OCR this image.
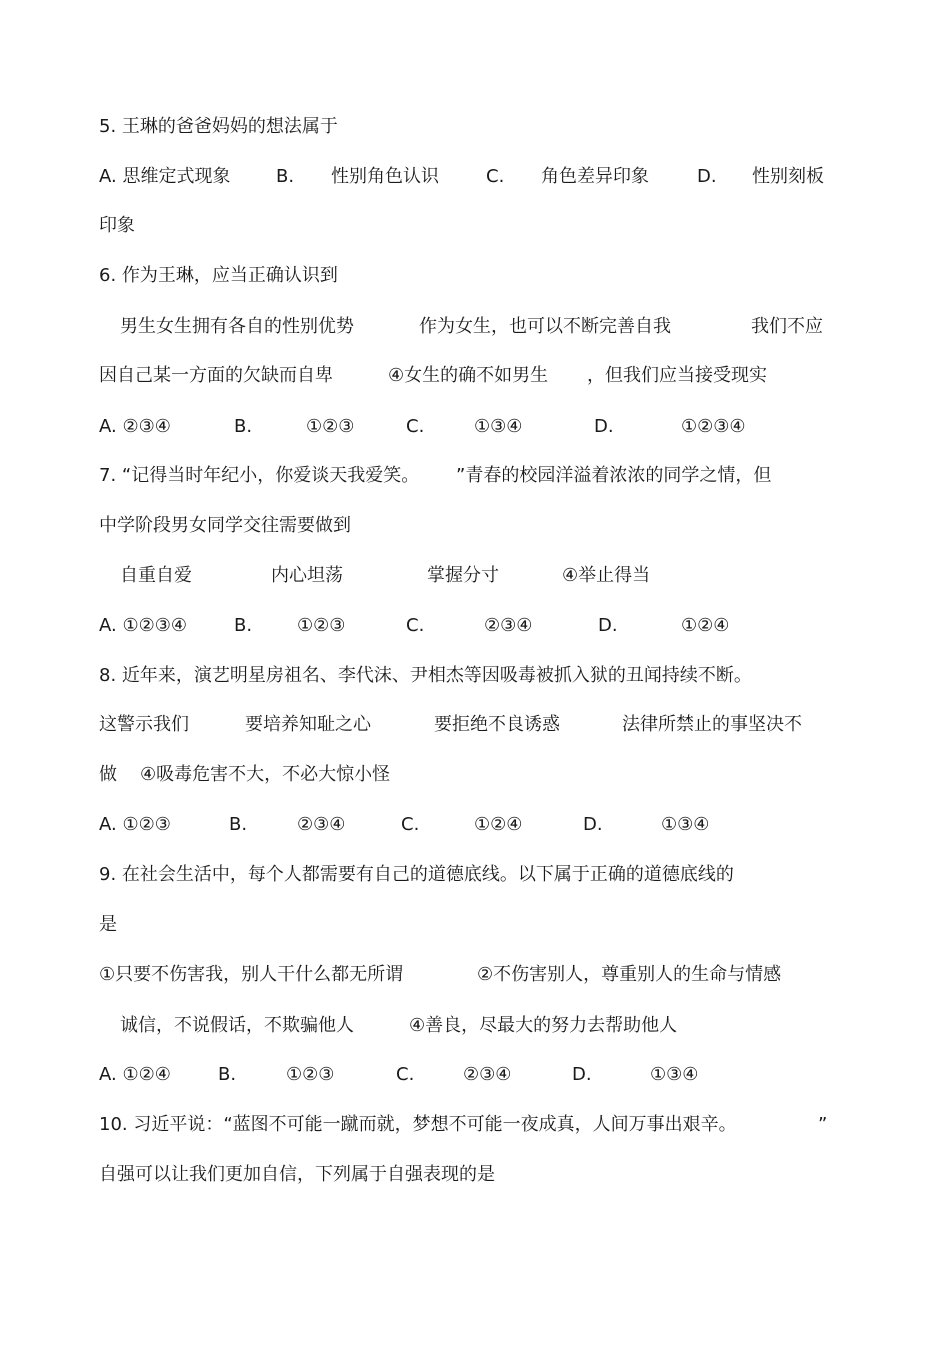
5. 王琳的爸爸妈妈的想法属于
A. 思维定式现象	B. 性别角色认识	C. 角色差异印象	D. 性别刻板
印象
6. 作为王琳，应当正确认识到
男生女生拥有各自的性别优势	作为女生，也可以不断完善自我	我们不应
因自己某一方面的欠缺而自卑	④女生的确不如男生 ，但我们应当接受现实
A. ②③④	B.	①②③	C.	①③④	D.	①②③④
7. “记得当时年纪小，你爱谈天我爱笑。 ”青春的校园洋溢着浓浓的同学之情，但
中学阶段男女同学交往需要做到
自重自爱	内心坦荡	掌握分寸	④举止得当
A. ①②③④	B. ①②③	C.	②③④	D.	①②④
8. 近年来，演艺明星房祖名、李代沫、尹相杰等因吸毒被抓入狱的丑闻持续不断。
这警示我们	要培养知耻之心	要拒绝不良诱惑	法律所禁止的事坚决不
做 ④吸毒危害不大，不必大惊小怪
A. ①②③	B.	②③④	C.	①②④	D.	①③④
9. 在社会生活中，每个人都需要有自己的道德底线。以下属于正确的道德底线的
是
①只要不伤害我，别人干什么都无所谓	②不伤害别人，尊重别人的生命与情感
诚信，不说假话，不欺骗他人	④善良，尽最大的努力去帮助他人
A. ①②④	B.	①②③	C.	②③④	D.	①③④
10. 习近平说：“蓝图不可能一蹴而就，梦想不可能一夜成真，人间万事出艰辛。	”
自强可以让我们更加自信，下列属于自强表现的是
